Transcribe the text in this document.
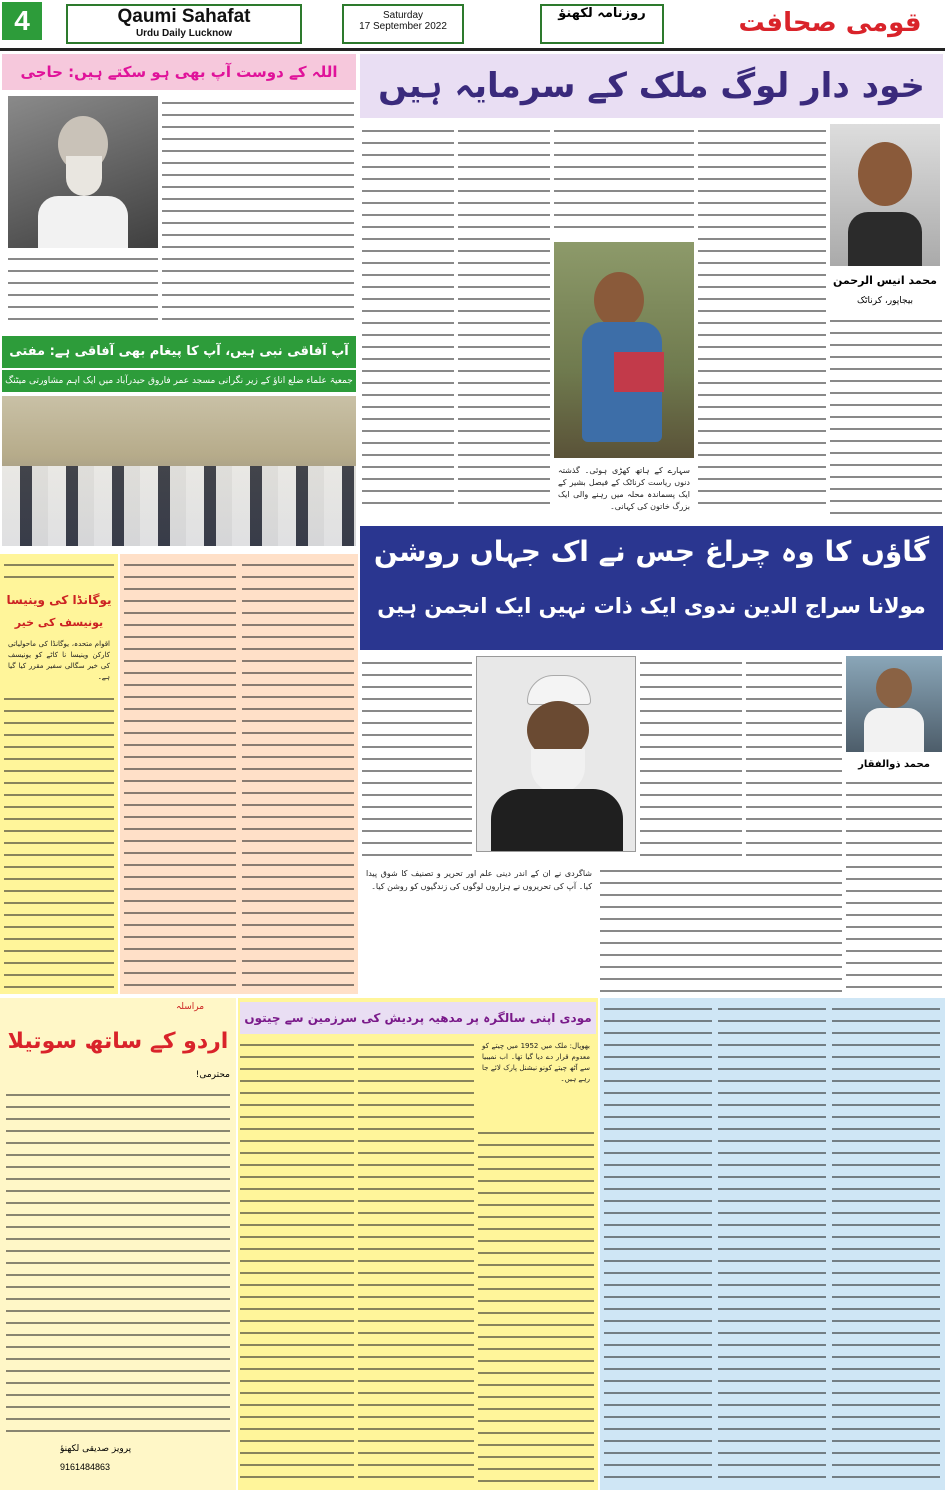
4	Qaumi Sahafat
Urdu Daily Lucknow
Saturday
17 September 2022
روزنامہ لکھنؤ	قومی صحافت
اللہ کے دوست آپ بھی ہو سکتے ہیں: حاجی
آپ آفاقی نبی ہیں، آپ کا پیغام بھی آفاقی ہے: مفتی
جمعیۃ علماء ضلع اناؤ کے زیر نگرانی مسجد عمر فاروق حیدرآباد میں ایک اہم مشاورتی میٹنگ
خود دار لوگ ملک کے سرمایہ ہیں
محمد انیس الرحمن
بیجاپور، کرناٹک
سہارے کے ہاتھ کھڑی ہوئی۔ گذشتہ دنوں ریاست کرناٹک کے فیصل بشیر کے ایک پسماندہ محلہ میں رہنے والی ایک بزرگ خاتون کی کہانی۔
گاؤں کا وہ چراغ جس نے اک جہاں روشن
مولانا سراج الدین ندوی ایک ذات نہیں ایک انجمن ہیں
محمد ذوالفقار
شاگردی نے ان کے اندر دینی علم اور تحریر و تصنیف کا شوق پیدا کیا۔ آپ کی تحریروں نے ہزاروں لوگوں کی زندگیوں کو روشن کیا۔
یوگانڈا کی وینیسا
یونیسف کی خیر
اقوام متحدہ، یوگانڈا کی ماحولیاتی کارکن وینیسا نا کاٹے کو یونیسف کی خیر سگالی سفیر مقرر کیا گیا ہے۔
مراسلہ
اردو کے ساتھ سوتیلا
محترمی!
پرویز صدیقی لکھنؤ
9161484863
مودی اپنی سالگرہ پر مدھیہ پردیش کی سرزمین سے چیتوں
بھوپال: ملک میں 1952 میں چیتے کو معدوم قرار دے دیا گیا تھا۔ اب نمیبیا سے آٹھ چیتے کونو نیشنل پارک لائے جا رہے ہیں۔
